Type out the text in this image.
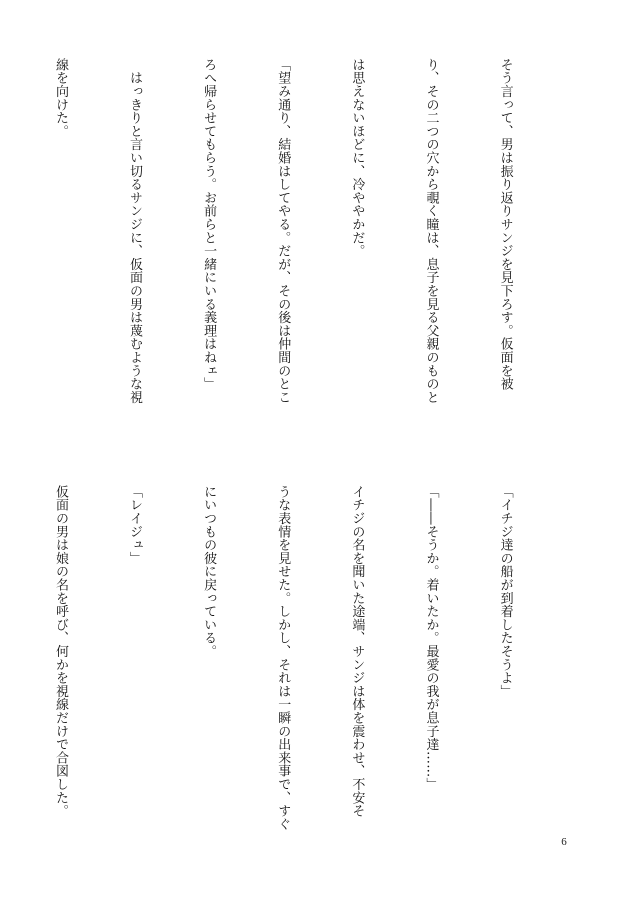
そう言って、男は振り返りサンジを見下ろす。仮面を被

り、その二つの穴から覗く瞳は、息子を見る父親のものと

は思えないほどに、冷ややかだ。

「望み通り、結婚はしてやる。だが、その後は仲間のとこ

ろへ帰らせてもらう。お前らと一緒にいる義理はねェ」

　はっきりと言い切るサンジに、仮面の男は蔑むような視

線を向けた。

「イチジ達の船が到着したそうよ」

「――そうか。着いたか。最愛の我が息子達……」

イチジの名を聞いた途端、サンジは体を震わせ、不安そ

うな表情を見せた。しかし、それは一瞬の出来事で、すぐ

にいつもの彼に戻っている。

「レイジュ」

仮面の男は娘の名を呼び、何かを視線だけで合図した。

6
